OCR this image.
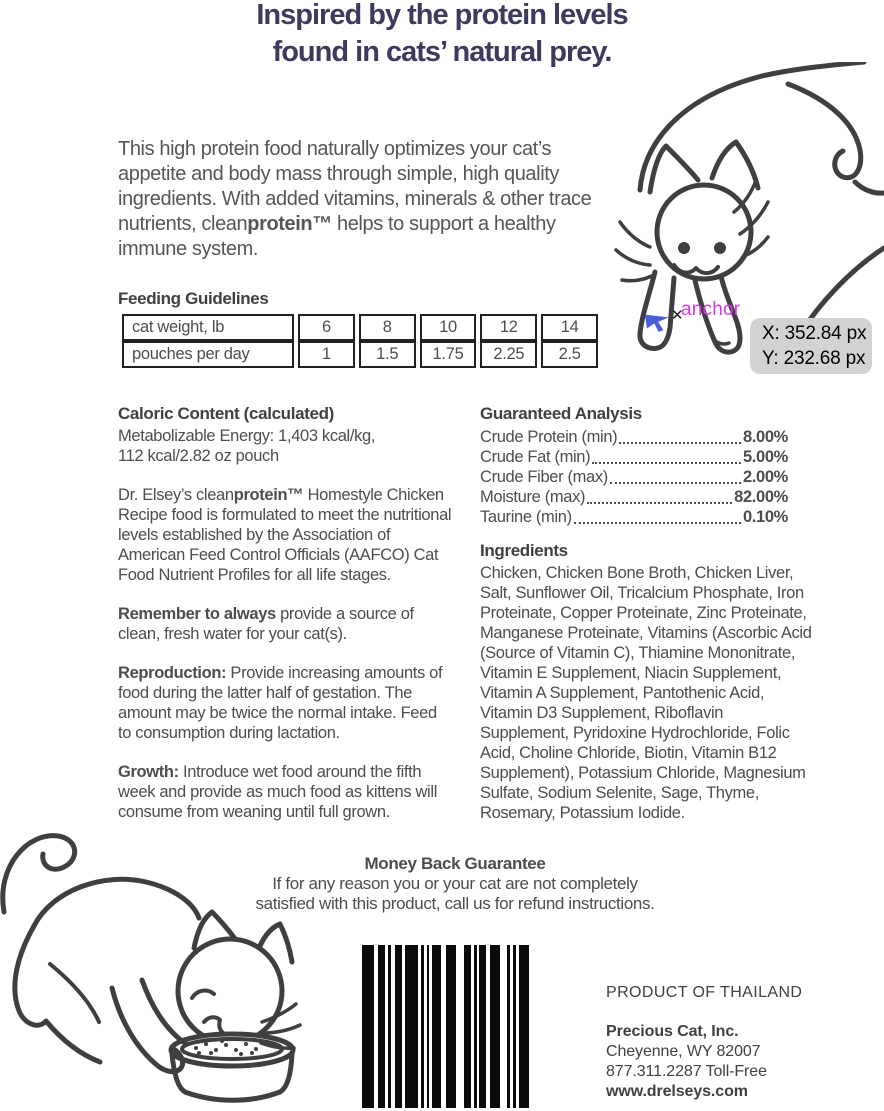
Inspired by the protein levels
found in cats’ natural prey.
This high protein food naturally optimizes your cat’s appetite and body mass through simple, high quality ingredients. With added vitamins, minerals & other trace nutrients, cleanprotein™ helps to support a healthy immune system.
Feeding Guidelines
cat weight, lb	6	8	10	12	14
pouches per day	1	1.5	1.75	2.25	2.5
✕
anchor
X: 352.84 px
Y: 232.68 px
Caloric Content (calculated)
Metabolizable Energy: 1,403 kcal/kg,
112 kcal/2.82 oz pouch
Dr. Elsey’s cleanprotein™ Homestyle Chicken Recipe food is formulated to meet the nutritional levels established by the Association of American Feed Control Officials (AAFCO) Cat Food Nutrient Profiles for all life stages.
Remember to always provide a source of clean, fresh water for your cat(s).
Reproduction: Provide increasing amounts of food during the latter half of gestation. The amount may be twice the normal intake. Feed to consumption during lactation.
Growth: Introduce wet food around the fifth week and provide as much food as kittens will consume from weaning until full grown.
Guaranteed Analysis
Crude Protein (min)	8.00%
Crude Fat (min)	5.00%
Crude Fiber (max)	2.00%
Moisture (max)	82.00%
Taurine (min)	0.10%
Ingredients
Chicken, Chicken Bone Broth, Chicken Liver, Salt, Sunflower Oil, Tricalcium Phosphate, Iron Proteinate, Copper Proteinate, Zinc Proteinate, Manganese Proteinate, Vitamins (Ascorbic Acid (Source of Vitamin C), Thiamine Mononitrate, Vitamin E Supplement, Niacin Supplement, Vitamin A Supplement, Pantothenic Acid, Vitamin D3 Supplement, Riboflavin Supplement, Pyridoxine Hydrochloride, Folic Acid, Choline Chloride, Biotin, Vitamin B12 Supplement), Potassium Chloride, Magnesium Sulfate, Sodium Selenite, Sage, Thyme, Rosemary, Potassium Iodide.
Money Back Guarantee
If for any reason you or your cat are not completely
satisfied with this product, call us for refund instructions.
PRODUCT OF THAILAND
Precious Cat, Inc.
Cheyenne, WY 82007
877.311.2287 Toll-Free
www.drelseys.com
